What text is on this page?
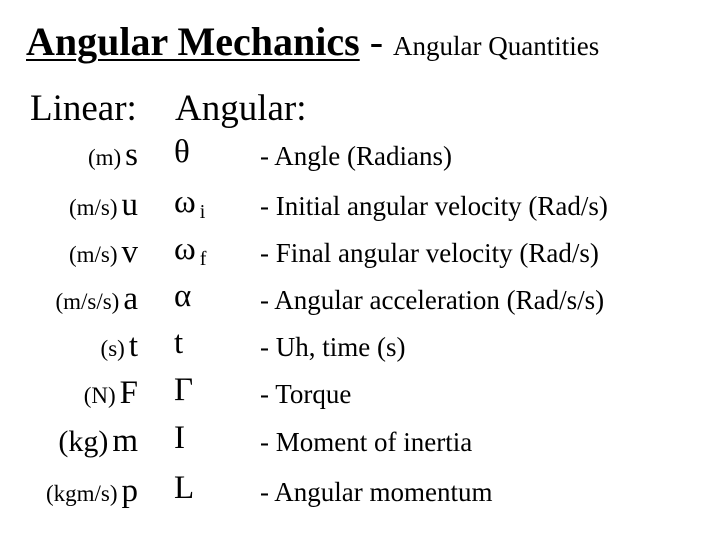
Angular Mechanics - Angular Quantities
Linear: Angular:
(m) s θ	- Angle (Radians)
(m/s) u ω $_i$ - Initial angular velocity (Rad/s)
(m/s) v ω $_f$ - Final angular velocity (Rad/s)
(m/s/s) a α	- Angular acceleration (Rad/s/s)
(s) t t	- Uh, time (s)
(N) F Γ - Torque
(kg) m I	- Moment of inertia
(kgm/s) p L - Angular momentum
